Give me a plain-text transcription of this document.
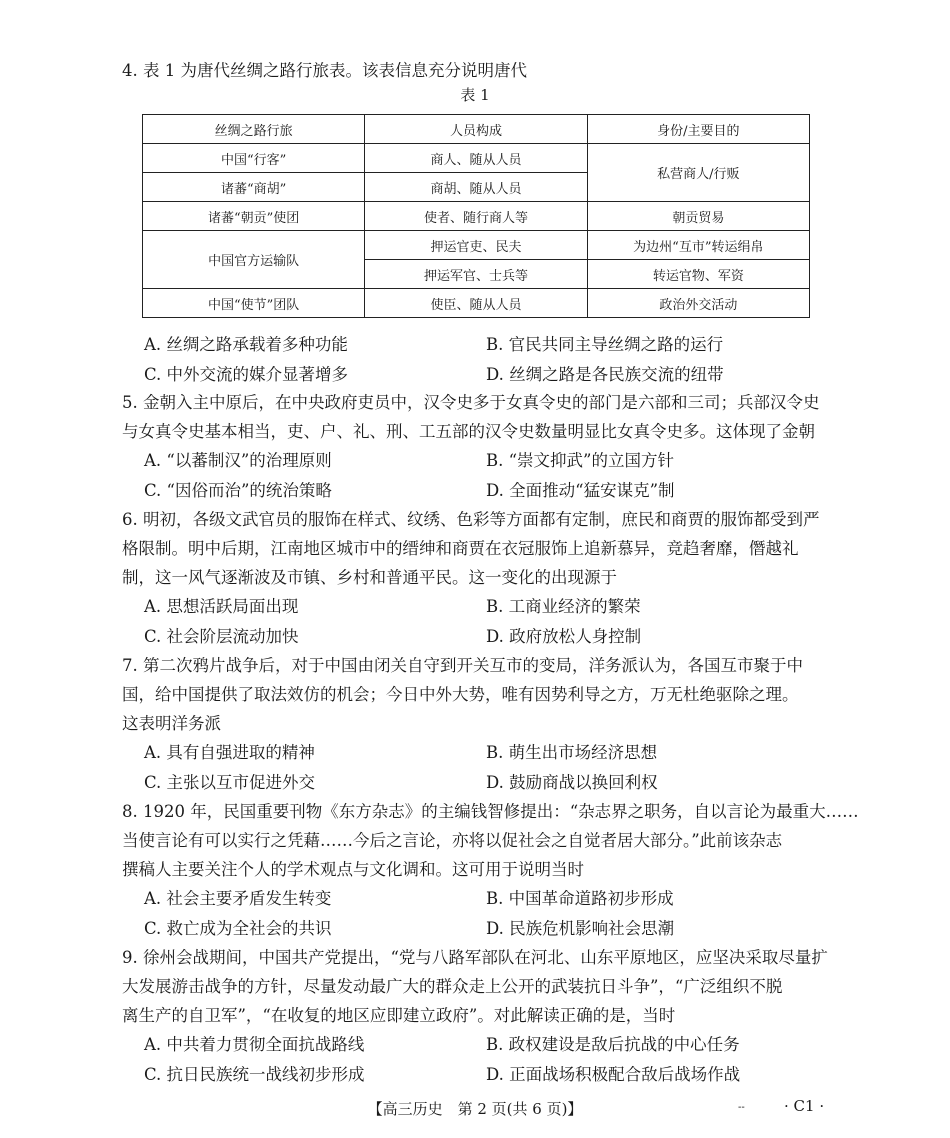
4. 表 1 为唐代丝绸之路行旅表。该表信息充分说明唐代
表 1
丝绸之路行旅	人员构成	身份/主要目的
中国“行客”	商人、随从人员	私营商人/行贩
诸蕃“商胡”	商胡、随从人员	
诸蕃“朝贡”使团	使者、随行商人等	朝贡贸易
中国官方运输队	押运官吏、民夫	为边州“互市”转运绢帛
	押运军官、士兵等	转运官物、军资
中国“使节”团队	使臣、随从人员	政治外交活动
A. 丝绸之路承载着多种功能	B. 官民共同主导丝绸之路的运行
C. 中外交流的媒介显著增多	D. 丝绸之路是各民族交流的纽带
5. 金朝入主中原后，在中央政府吏员中，汉令史多于女真令史的部门是六部和三司；兵部汉令史
与女真令史基本相当，吏、户、礼、刑、工五部的汉令史数量明显比女真令史多。这体现了金朝
A. “以蕃制汉”的治理原则	B. “崇文抑武”的立国方针
C. “因俗而治”的统治策略	D. 全面推动“猛安谋克”制
6. 明初，各级文武官员的服饰在样式、纹绣、色彩等方面都有定制，庶民和商贾的服饰都受到严
格限制。明中后期，江南地区城市中的缙绅和商贾在衣冠服饰上追新慕异，竞趋奢靡，僭越礼
制，这一风气逐渐波及市镇、乡村和普通平民。这一变化的出现源于
A. 思想活跃局面出现	B. 工商业经济的繁荣
C. 社会阶层流动加快	D. 政府放松人身控制
7. 第二次鸦片战争后，对于中国由闭关自守到开关互市的变局，洋务派认为，各国互市聚于中
国，给中国提供了取法效仿的机会；今日中外大势，唯有因势利导之方，万无杜绝驱除之理。
这表明洋务派
A. 具有自强进取的精神	B. 萌生出市场经济思想
C. 主张以互市促进外交	D. 鼓励商战以换回利权
8. 1920 年，民国重要刊物《东方杂志》的主编钱智修提出：“杂志界之职务，自以言论为最重大……
当使言论有可以实行之凭藉……今后之言论，亦将以促社会之自觉者居大部分。”此前该杂志
撰稿人主要关注个人的学术观点与文化调和。这可用于说明当时
A. 社会主要矛盾发生转变	B. 中国革命道路初步形成
C. 救亡成为全社会的共识	D. 民族危机影响社会思潮
9. 徐州会战期间，中国共产党提出，“党与八路军部队在河北、山东平原地区，应坚决采取尽量扩
大发展游击战争的方针，尽量发动最广大的群众走上公开的武装抗日斗争”，“广泛组织不脱
离生产的自卫军”，“在收复的地区应即建立政府”。对此解读正确的是，当时
A. 中共着力贯彻全面抗战路线	B. 政权建设是敌后抗战的中心任务
C. 抗日民族统一战线初步形成	D. 正面战场积极配合敌后战场作战
【高三历史　第 2 页(共 6 页)】	--	· C1 ·
